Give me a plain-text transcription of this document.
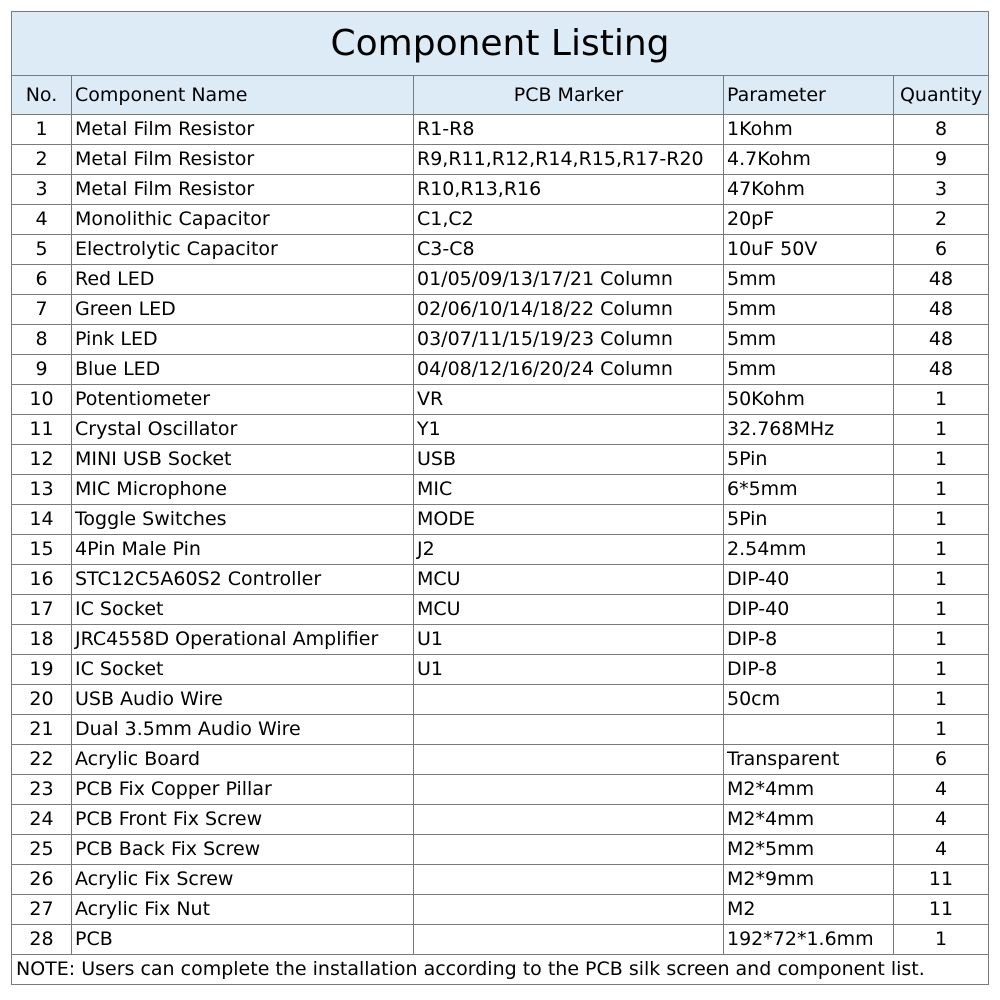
Component Listing				
No.	Component Name	PCB Marker	Parameter	Quantity
1	Metal Film Resistor	R1-R8	1Kohm	8
2	Metal Film Resistor	R9,R11,R12,R14,R15,R17-R20	4.7Kohm	9
3	Metal Film Resistor	R10,R13,R16	47Kohm	3
4	Monolithic Capacitor	C1,C2	20pF	2
5	Electrolytic Capacitor	C3-C8	10uF 50V	6
6	Red LED	01/05/09/13/17/21 Column	5mm	48
7	Green LED	02/06/10/14/18/22 Column	5mm	48
8	Pink LED	03/07/11/15/19/23 Column	5mm	48
9	Blue LED	04/08/12/16/20/24 Column	5mm	48
10	Potentiometer	VR	50Kohm	1
11	Crystal Oscillator	Y1	32.768MHz	1
12	MINI USB Socket	USB	5Pin	1
13	MIC Microphone	MIC	6*5mm	1
14	Toggle Switches	MODE	5Pin	1
15	4Pin Male Pin	J2	2.54mm	1
16	STC12C5A60S2 Controller	MCU	DIP-40	1
17	IC Socket	MCU	DIP-40	1
18	JRC4558D Operational Amplifier	U1	DIP-8	1
19	IC Socket	U1	DIP-8	1
20	USB Audio Wire		50cm	1
21	Dual 3.5mm Audio Wire			1
22	Acrylic Board		Transparent	6
23	PCB Fix Copper Pillar		M2*4mm	4
24	PCB Front Fix Screw		M2*4mm	4
25	PCB Back Fix Screw		M2*5mm	4
26	Acrylic Fix Screw		M2*9mm	11
27	Acrylic Fix Nut		M2	11
28	PCB		192*72*1.6mm	1
NOTE: Users can complete the installation according to the PCB silk screen and component list.				
